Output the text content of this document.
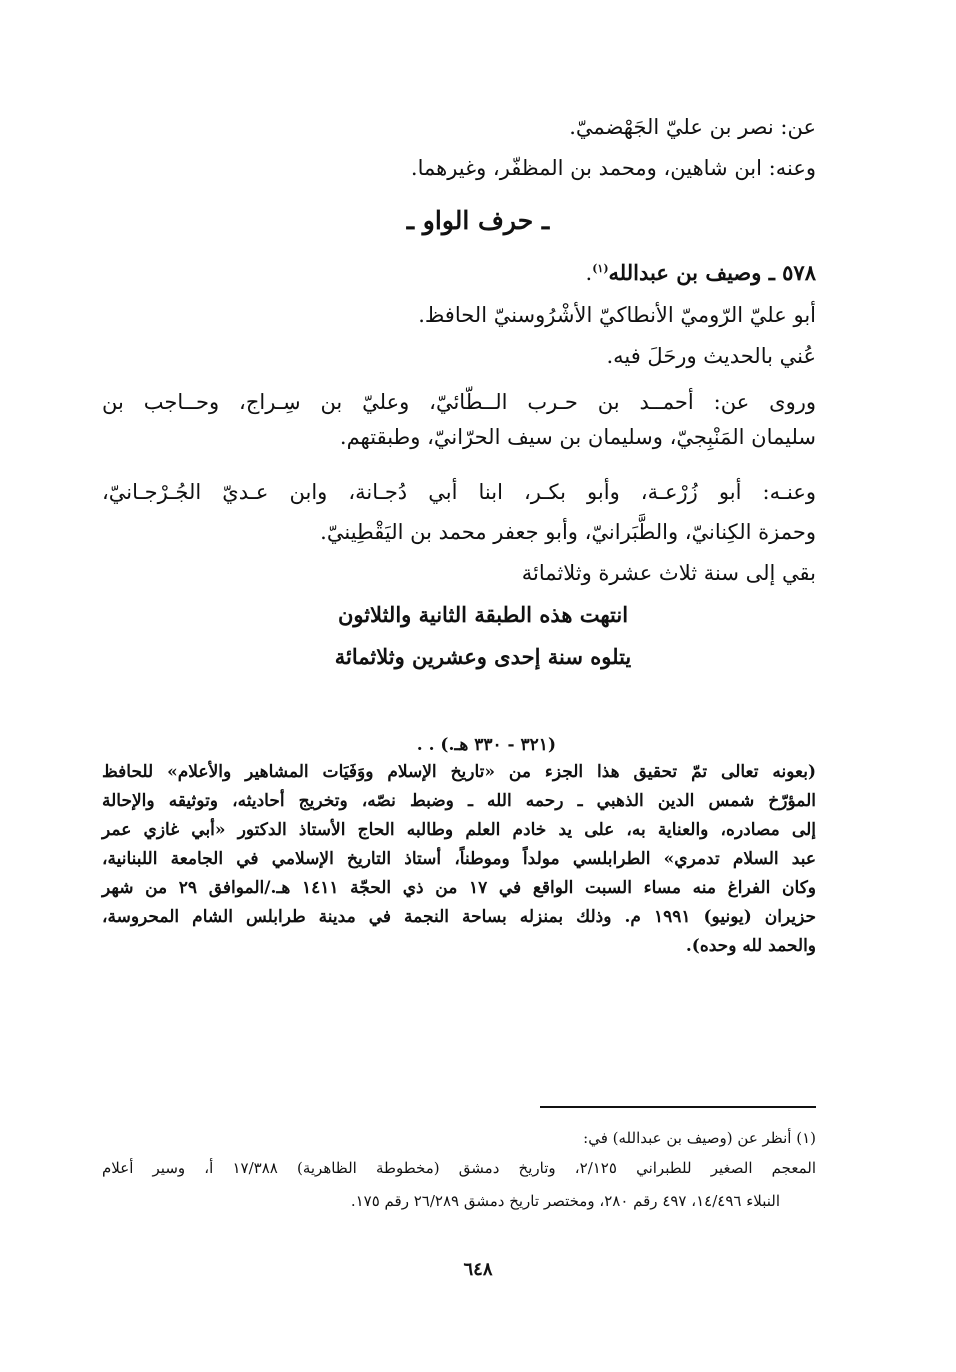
عن: نصر بن عليّ الجَهْضميّ.
وعنه: ابن شاهين، ومحمد بن المظفّر، وغيرهما.
ـ حرف الواو ـ
٥٧٨ ـ وصيف بن عبدالله$^{(١)}$.
أبو عليّ الرّوميّ الأنطاكيّ الأشْرُوسنيّ الحافظ.
عُني بالحديث ورحَلَ فيه.
وروى عن: أحمــد بن حـرب الــطّائيّ، وعليّ بن سِـراج، وحــاجب بن
سليمان المَنْبِجيّ، وسليمان بن سيف الحرّانيّ، وطبقتهم.
وعنـه: أبو زُرْعـة، وأبو بكـر، ابنا أبي دُجـانة، وابن عـديّ الجُـرْجـانيّ،
وحمزة الكِنانيّ، والطَّبَرانيّ، وأبو جعفر محمد بن اليَقْطِينيّ.
بقي إلى سنة ثلاث عشرة وثلاثمائة
انتهت هذه الطبقة الثانية والثلاثون
يتلوه سنة إحدى وعشرين وثلاثمائة
(٣٢١ - ٣٣٠ هـ.) . .
(بعونه تعالى تمّ تحقيق هذا الجزء من «تاريخ الإسلام ووَفَيَات المشاهير والأعلام» للحافظ
المؤرّخ شمس الدين الذهبي ـ رحمه الله ـ وضبط نصّه، وتخريج أحاديثه، وتوثيقه والإحالة
إلى مصادره، والعناية به، على يد خادم العلم وطالبه الحاج الأستاذ الدكتور «أبي غازي عمر
عبد السلام تدمري» الطرابلسي مولداً وموطناً، أستاذ التاريخ الإسلامي في الجامعة اللبنانية،
وكان الفراغ منه مساء السبت الواقع في ١٧ من ذي الحجّة ١٤١١ هـ./الموافق ٢٩ من شهر
حزيران (يونيو) ١٩٩١ م. وذلك بمنزله بساحة النجمة في مدينة طرابلس الشام المحروسة،
والحمد لله وحده).
(١) أنظر عن (وصيف بن عبدالله) في:
المعجم الصغير للطبراني ٢/١٢٥، وتاريخ دمشق (مخطوطة الظاهرية) ١٧/٣٨٨ أ، وسير أعلام
النبلاء ١٤/٤٩٦، ٤٩٧ رقم ٢٨٠، ومختصر تاريخ دمشق ٢٦/٢٨٩ رقم ١٧٥.
٦٤٨
